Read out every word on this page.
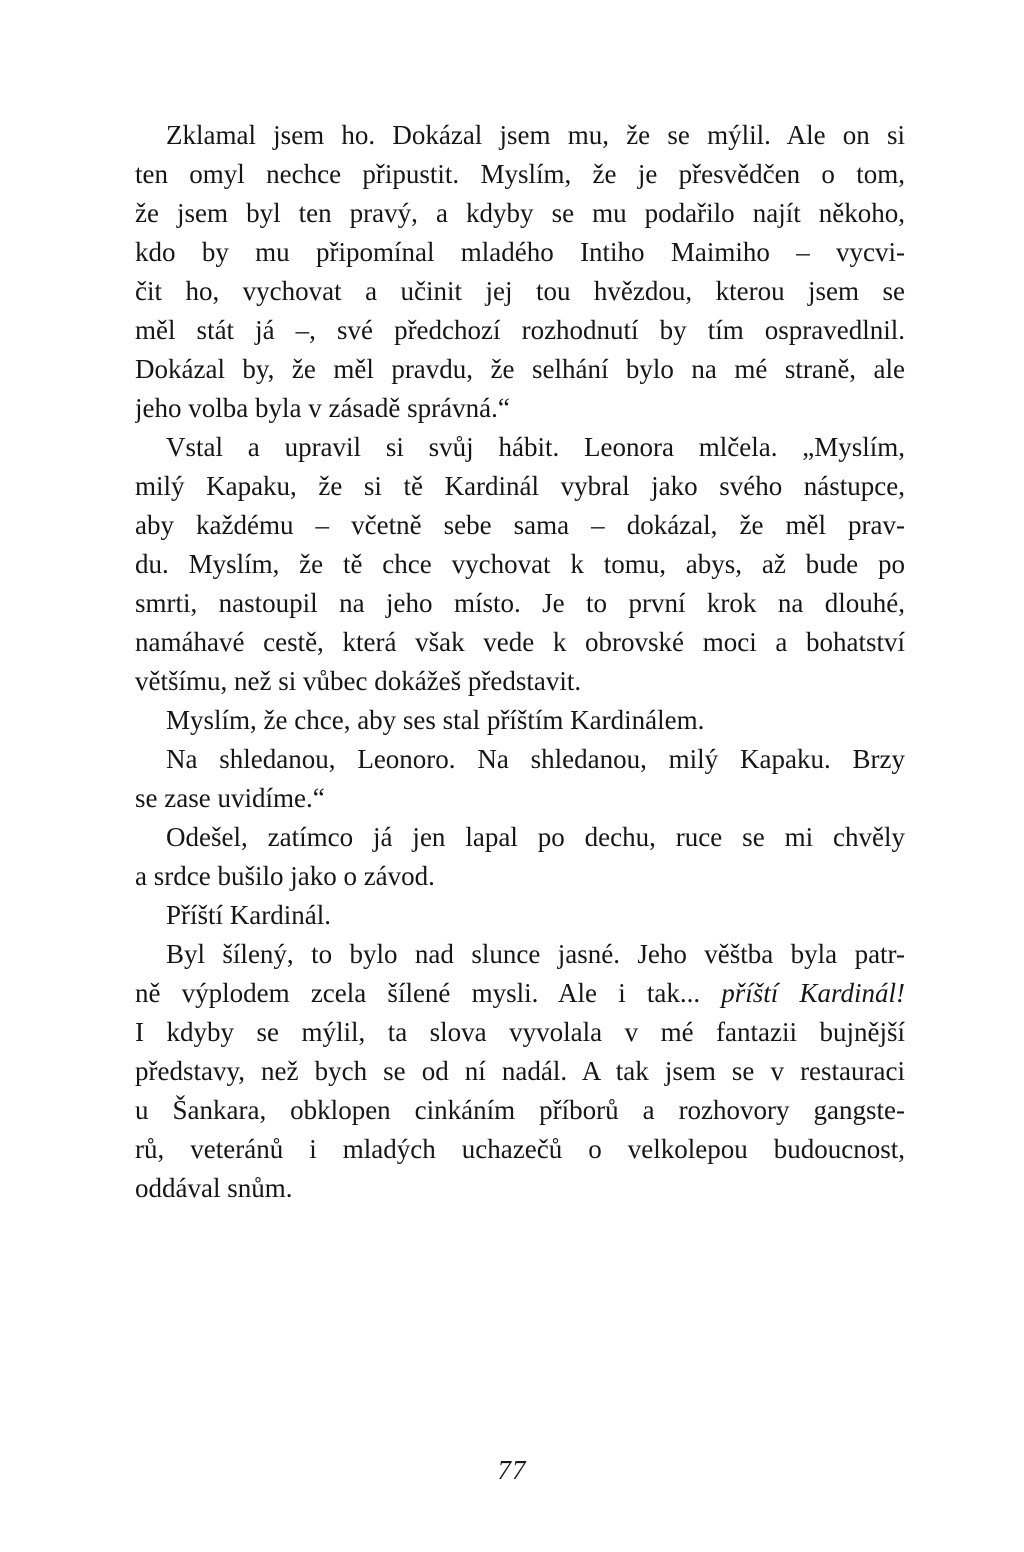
Zklamal jsem ho. Dokázal jsem mu, že se mýlil. Ale on si
ten omyl nechce připustit. Myslím, že je přesvědčen o tom,
že jsem byl ten pravý, a kdyby se mu podařilo najít někoho,
kdo by mu připomínal mladého Intiho Maimiho – vycvi-
čit ho, vychovat a učinit jej tou hvězdou, kterou jsem se
měl stát já –, své předchozí rozhodnutí by tím ospravedlnil.
Dokázal by, že měl pravdu, že selhání bylo na mé straně, ale
jeho volba byla v zásadě správná.“
Vstal a upravil si svůj hábit. Leonora mlčela. „Myslím,
milý Kapaku, že si tě Kardinál vybral jako svého nástupce,
aby každému – včetně sebe sama – dokázal, že měl prav-
du. Myslím, že tě chce vychovat k tomu, abys, až bude po
smrti, nastoupil na jeho místo. Je to první krok na dlouhé,
namáhavé cestě, která však vede k obrovské moci a bohatství
většímu, než si vůbec dokážeš představit.
Myslím, že chce, aby ses stal příštím Kardinálem.
Na shledanou, Leonoro. Na shledanou, milý Kapaku. Brzy
se zase uvidíme.“
Odešel, zatímco já jen lapal po dechu, ruce se mi chvěly
a srdce bušilo jako o závod.
Příští Kardinál.
Byl šílený, to bylo nad slunce jasné. Jeho věštba byla patr-
ně výplodem zcela šílené mysli. Ale i tak... příští Kardinál!
I kdyby se mýlil, ta slova vyvolala v mé fantazii bujnější
představy, než bych se od ní nadál. A tak jsem se v restauraci
u Šankara, obklopen cinkáním příborů a rozhovory gangste-
rů, veteránů i mladých uchazečů o velkolepou budoucnost,
oddával snům.
77
